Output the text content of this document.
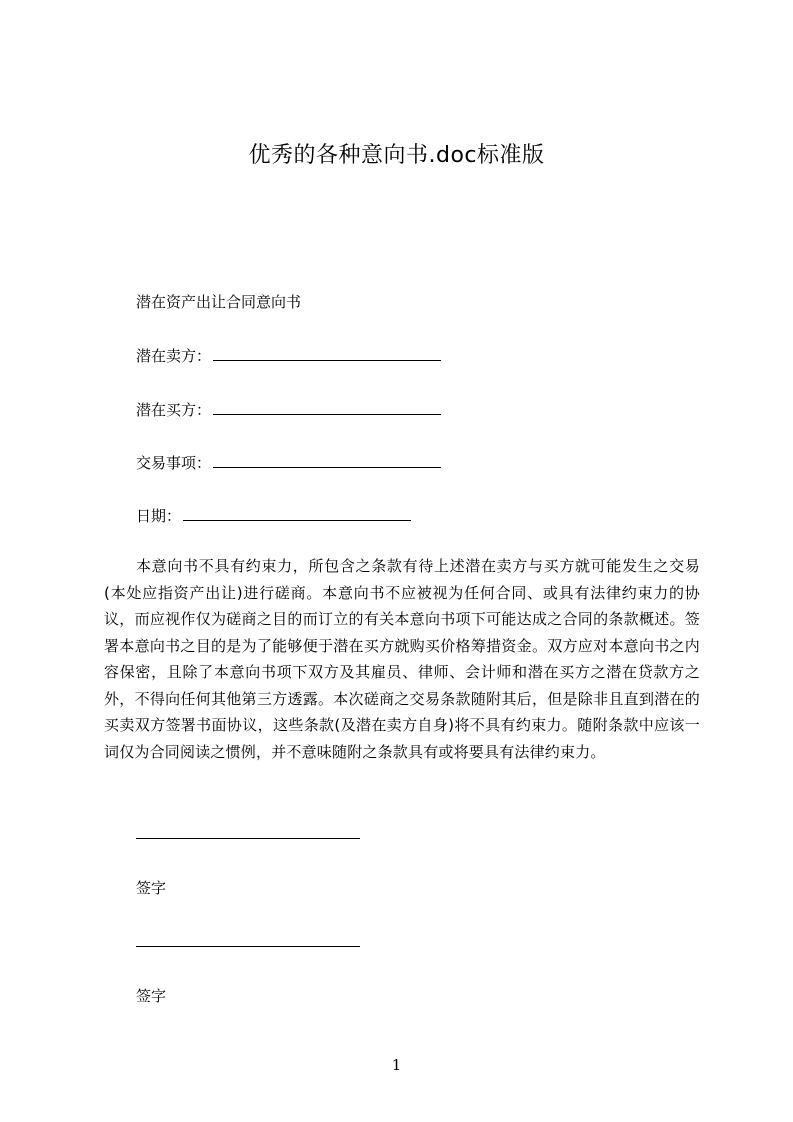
优秀的各种意向书.doc标准版
潜在资产出让合同意向书
潜在卖方：
潜在买方：
交易事项：
日期：
本意向书不具有约束力，所包含之条款有待上述潜在卖方与买方就可能发生之交易(本处应指资产出让)进行磋商。本意向书不应被视为任何合同、或具有法律约束力的协议，而应视作仅为磋商之目的而订立的有关本意向书项下可能达成之合同的条款概述。签署本意向书之目的是为了能够便于潜在买方就购买价格筹措资金。双方应对本意向书之内容保密，且除了本意向书项下双方及其雇员、律师、会计师和潜在买方之潜在贷款方之外，不得向任何其他第三方透露。本次磋商之交易条款随附其后，但是除非且直到潜在的买卖双方签署书面协议，这些条款(及潜在卖方自身)将不具有约束力。随附条款中应该一词仅为合同阅读之惯例，并不意味随附之条款具有或将要具有法律约束力。
签字
签字
1
